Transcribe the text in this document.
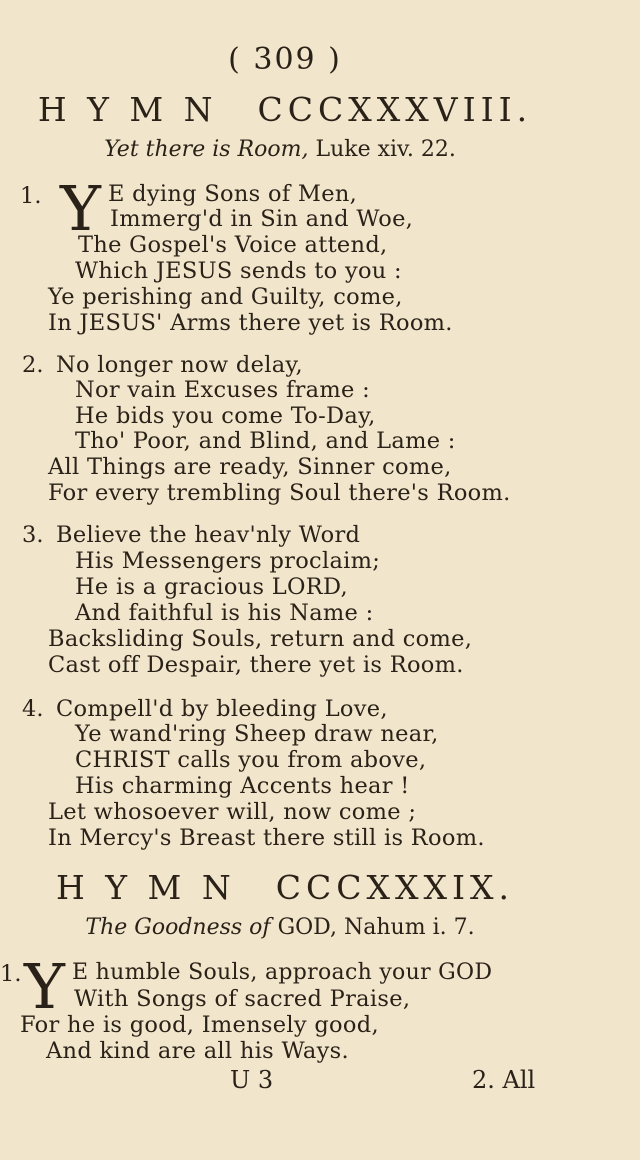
( 309 )
H Y M N CCCXXXVIII.
Yet there is Room, Luke xiv. 22.
1. Y E dying Sons of Men,
Immerg'd in Sin and Woe,
The Gospel's Voice attend,
Which JESUS sends to you :
Ye perishing and Guilty, come,
In JESUS' Arms there yet is Room.
2. No longer now delay,
Nor vain Excuses frame :
He bids you come To-Day,
Tho' Poor, and Blind, and Lame :
All Things are ready, Sinner come,
For every trembling Soul there's Room.
3. Believe the heav'nly Word
His Messengers proclaim;
He is a gracious LORD,
And faithful is his Name :
Backsliding Souls, return and come,
Cast off Despair, there yet is Room.
4. Compell'd by bleeding Love,
Ye wand'ring Sheep draw near,
CHRIST calls you from above,
His charming Accents hear !
Let whosoever will, now come ;
In Mercy's Breast there still is Room.
H Y M N CCCXXXIX.
The Goodness of GOD, Nahum i. 7.
1. Y E humble Souls, approach your GOD
With Songs of sacred Praise,
For he is good, Imensely good,
And kind are all his Ways.
U 3	2. All
